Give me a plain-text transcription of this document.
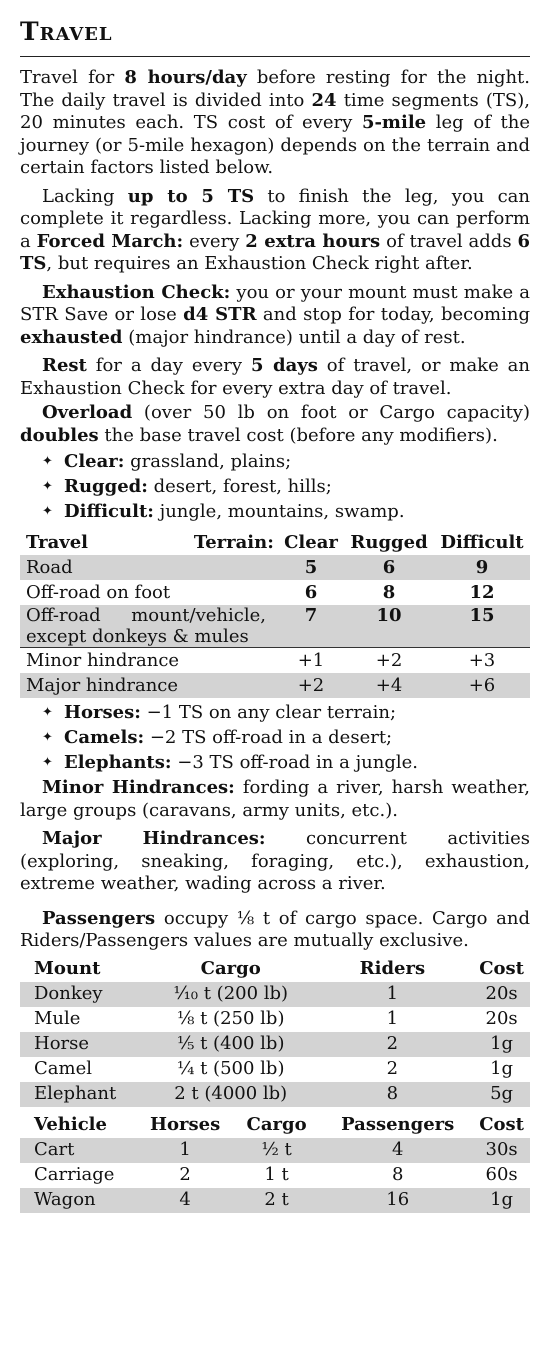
Travel

Travel for 8 hours/day before resting for the night. The daily travel is divided into 24 time segments (TS), 20 minutes each. TS cost of every 5-mile leg of the journey (or 5-mile hexagon) depends on the terrain and certain factors listed below.

Lacking up to 5 TS to finish the leg, you can complete it regardless. Lacking more, you can perform a Forced March: every 2 extra hours of travel adds 6 TS, but requires an Exhaustion Check right after.

Exhaustion Check: you or your mount must make a STR Save or lose d4 STR and stop for today, becoming exhausted (major hindrance) until a day of rest.

Rest for a day every 5 days of travel, or make an Exhaustion Check for every extra day of travel.

Overload (over 50 lb on foot or Cargo capacity) doubles the base travel cost (before any modifiers).

✦ Clear: grassland, plains;
✦ Rugged: desert, forest, hills;
✦ Difficult: jungle, mountains, swamp.
Travel	Terrain:	Clear	Rugged	Difficult
Road		5	6	9
Off-road on foot		6	8	12

Off-road mount/vehicle, except donkeys & mules		7	10	15
Minor hindrance		+1	+2	+3
Major hindrance		+2	+4	+6
✦ Horses: −1 TS on any clear terrain;
✦ Camels: −2 TS off-road in a desert;
✦ Elephants: −3 TS off-road in a jungle.

Minor Hindrances: fording a river, harsh weather, large groups (caravans, army units, etc.).

Major Hindrances: concurrent activities (exploring, sneaking, foraging, etc.), exhaustion, extreme weather, wading across a river.

Passengers occupy ⅛ t of cargo space. Cargo and Riders/Passengers values are mutually exclusive.

Mount	Cargo	Riders	Cost
Donkey	⅒ t (200 lb)	1	20s
Mule	⅛ t (250 lb)	1	20s
Horse	⅕ t (400 lb)	2	1g
Camel	¼ t (500 lb)	2	1g
Elephant	2 t (4000 lb)	8	5g
Vehicle	Horses	Cargo	Passengers	Cost
Cart	1	½ t	4	30s
Carriage	2	1 t	8	60s
Wagon	4	2 t	16	1g
